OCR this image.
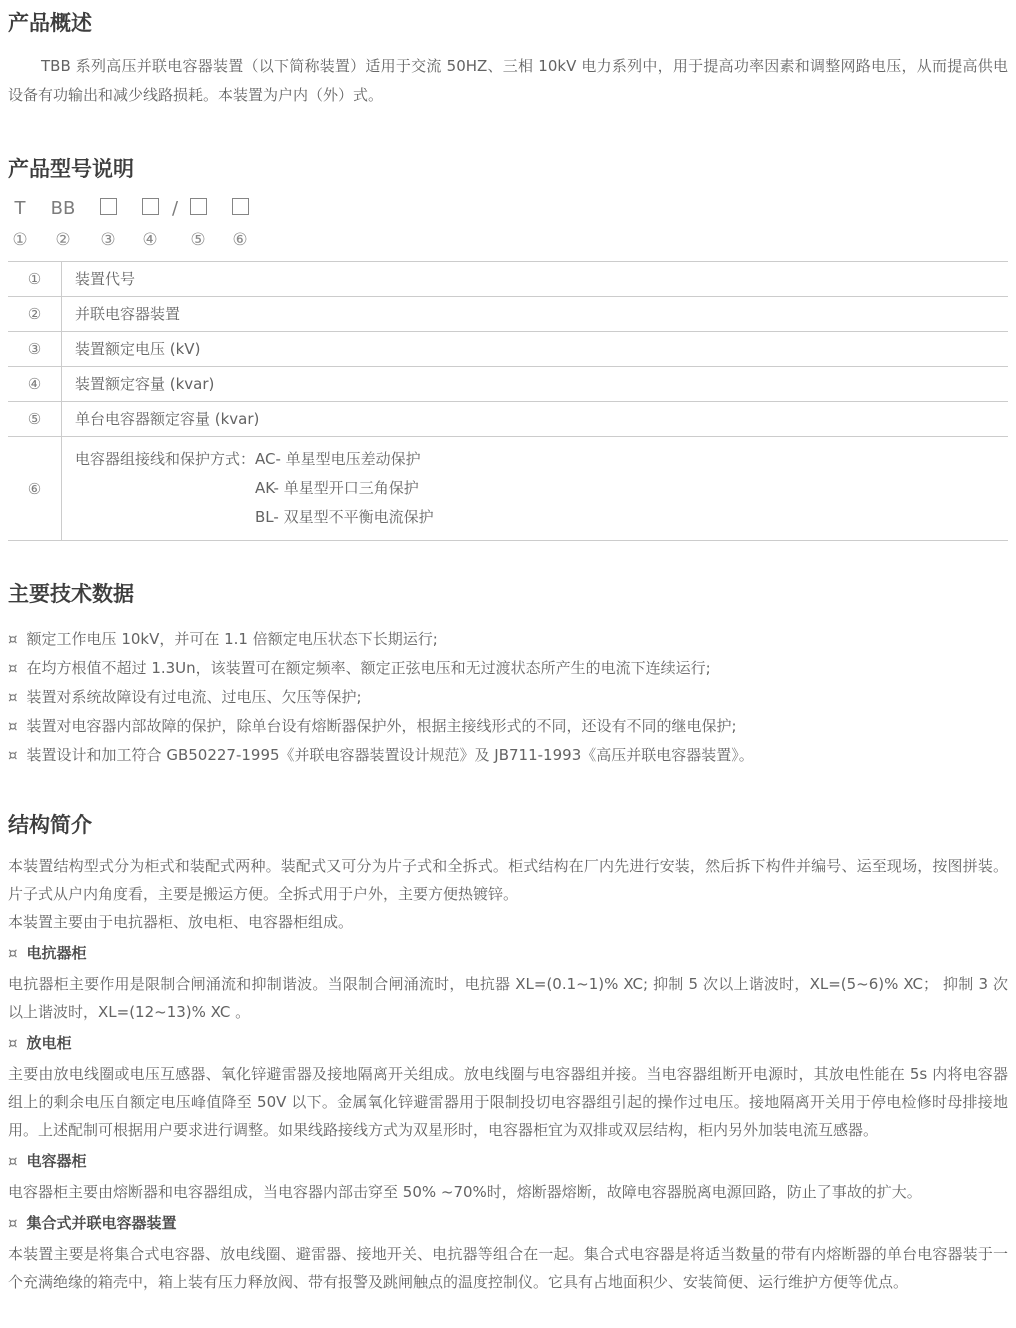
产品概述

TBB 系列高压并联电容器装置（以下简称装置）适用于交流 50HZ、三相 10kV 电力系列中，用于提高功率因素和调整网路电压，从而提高供电设备有功输出和减少线路损耗。本装置为户内（外）式。

产品型号说明
T	BB	/
①	②	③ ④ ⑤ ⑥
①	装置代号
②	并联电容器装置
③	装置额定电压 (kV)
④	装置额定容量 (kvar)
⑤	单台电容器额定容量 (kvar)
⑥	电容器组接线和保护方式： AC- 单星型电压差动保护
AK- 单星型开口三角保护
BL- 双星型不平衡电流保护
主要技术数据

¤ 额定工作电压 10kV，并可在 1.1 倍额定电压状态下长期运行;

¤ 在均方根值不超过 1.3Un，该装置可在额定频率、额定正弦电压和无过渡状态所产生的电流下连续运行;

¤ 装置对系统故障设有过电流、过电压、欠压等保护;

¤ 装置对电容器内部故障的保护，除单台设有熔断器保护外，根据主接线形式的不同，还设有不同的继电保护;

¤ 装置设计和加工符合 GB50227-1995《并联电容器装置设计规范》及 JB711-1993《高压并联电容器装置》。

结构简介

本装置结构型式分为柜式和装配式两种。装配式又可分为片子式和全拆式。柜式结构在厂内先进行安装，然后拆下构件并编号、运至现场，按图拼装。片子式从户内角度看，主要是搬运方便。全拆式用于户外，主要方便热镀锌。

本装置主要由于电抗器柜、放电柜、电容器柜组成。

¤ 电抗器柜

电抗器柜主要作用是限制合闸涌流和抑制谐波。当限制合闸涌流时，电抗器 XL=(0.1~1)% XC; 抑制 5 次以上谐波时，XL=(5~6)% XC； 抑制 3 次以上谐波时，XL=(12~13)% XC 。

¤ 放电柜

主要由放电线圈或电压互感器、氧化锌避雷器及接地隔离开关组成。放电线圈与电容器组并接。当电容器组断开电源时，其放电性能在 5s 内将电容器组上的剩余电压自额定电压峰值降至 50V 以下。金属氧化锌避雷器用于限制投切电容器组引起的操作过电压。接地隔离开关用于停电检修时母排接地用。上述配制可根据用户要求进行调整。如果线路接线方式为双星形时，电容器柜宜为双排或双层结构，柜内另外加装电流互感器。

¤ 电容器柜

电容器柜主要由熔断器和电容器组成，当电容器内部击穿至 50% ~70%时，熔断器熔断，故障电容器脱离电源回路，防止了事故的扩大。

¤ 集合式并联电容器装置

本装置主要是将集合式电容器、放电线圈、避雷器、接地开关、电抗器等组合在一起。集合式电容器是将适当数量的带有内熔断器的单台电容器装于一个充满绝缘的箱壳中，箱上装有压力释放阀、带有报警及跳闸触点的温度控制仪。它具有占地面积少、安装简便、运行维护方便等优点。
